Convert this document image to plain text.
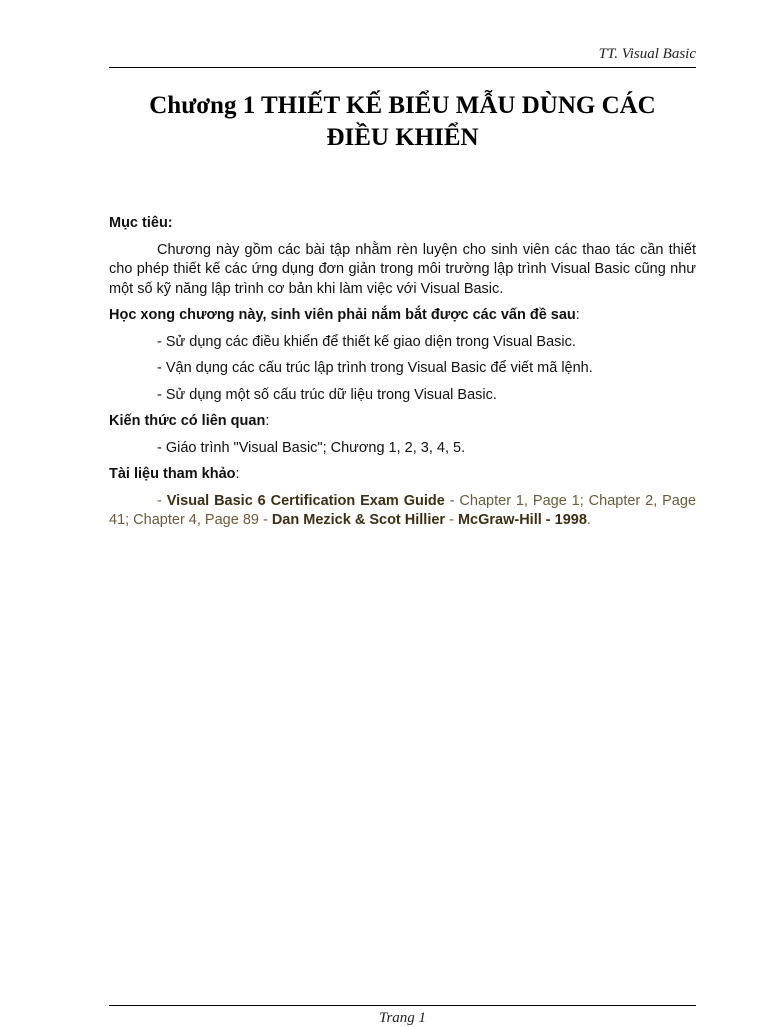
TT. Visual Basic
Chương 1 THIẾT KẾ BIỂU MẪU DÙNG CÁC
ĐIỀU KHIỂN

Mục tiêu:

Chương này gồm các bài tập nhằm rèn luyện cho sinh viên các thao tác cần thiết cho phép thiết kế các ứng dụng đơn giản trong môi trường lập trình Visual Basic cũng như một số kỹ năng lập trình cơ bản khi làm việc với Visual Basic.

Học xong chương này, sinh viên phải nắm bắt được các vấn đề sau:

- Sử dụng các điều khiển để thiết kế giao diện trong Visual Basic.

- Vận dụng các cấu trúc lập trình trong Visual Basic để viết mã lệnh.

- Sử dụng một số cấu trúc dữ liệu trong Visual Basic.

Kiến thức có liên quan:

- Giáo trình "Visual Basic"; Chương 1, 2, 3, 4, 5.

Tài liệu tham khảo:

- Visual Basic 6 Certification Exam Guide - Chapter 1, Page 1; Chapter 2, Page 41; Chapter 4, Page 89 - Dan Mezick & Scot Hillier - McGraw-Hill - 1998.

Trang 1
